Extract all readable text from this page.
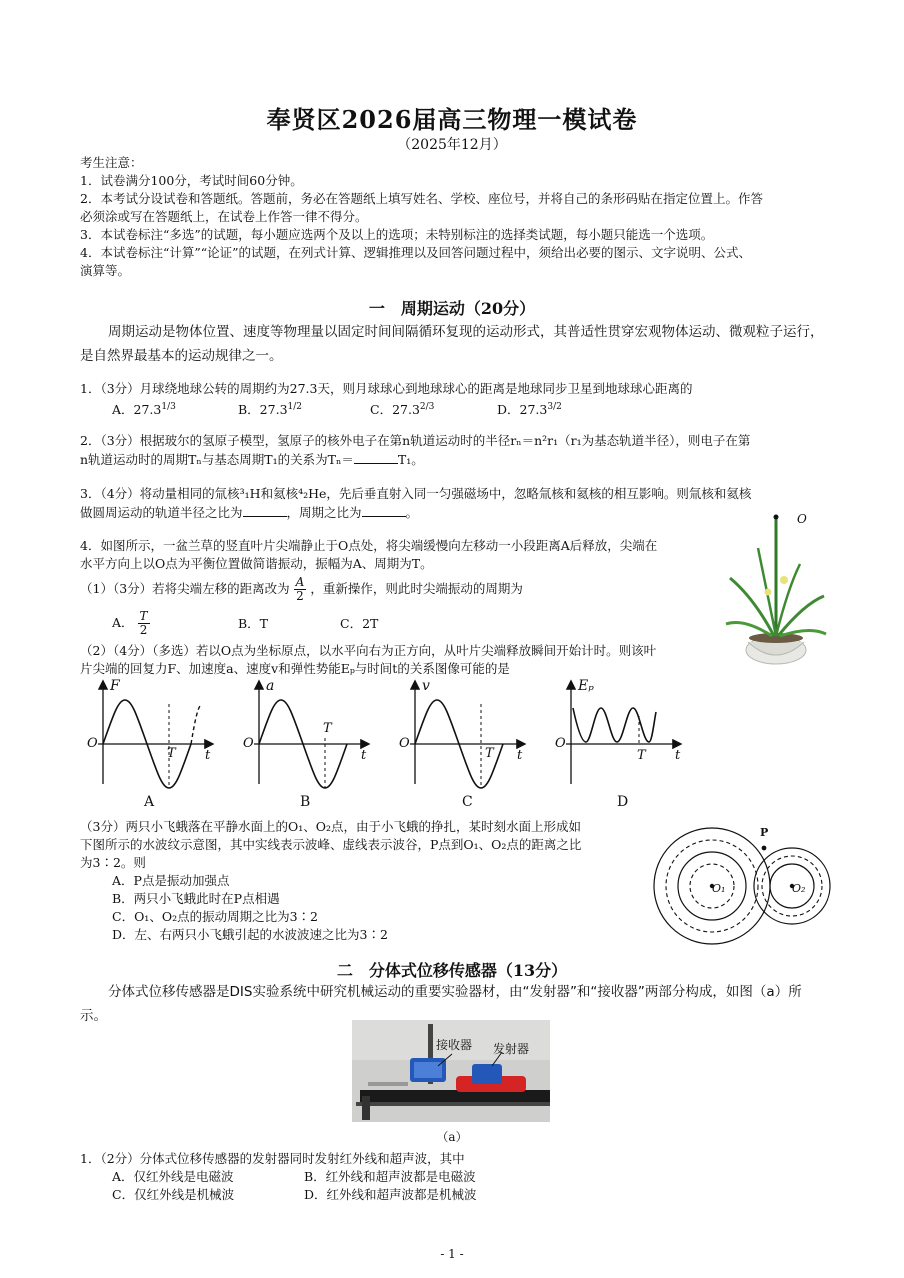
奉贤区2026届高三物理一模试卷
（2025年12月）
考生注意：
1．试卷满分100分，考试时间60分钟。
2．本考试分设试卷和答题纸。答题前，务必在答题纸上填写姓名、学校、座位号，并将自己的条形码贴在指定位置上。作答
必须涂或写在答题纸上，在试卷上作答一律不得分。
3．本试卷标注“多选”的试题，每小题应选两个及以上的选项；未特别标注的选择类试题，每小题只能选一个选项。
4．本试卷标注“计算”“论证”的试题，在列式计算、逻辑推理以及回答问题过程中，须给出必要的图示、文字说明、公式、
演算等。
一　周期运动（20分）
周期运动是物体位置、速度等物理量以固定时间间隔循环复现的运动形式，其普适性贯穿宏观物体运动、微观粒子运行，是自然界最基本的运动规律之一。
1．（3分）月球绕地球公转的周期约为27.3天，则月球球心到地球球心的距离是地球同步卫星到地球球心距离的
A．$27.3^{1/3}$	B．$27.3^{1/2}$	C．$27.3^{2/3}$	D．$27.3^{3/2}$
2．（3分）根据玻尔的氢原子模型，氢原子的核外电子在第n轨道运动时的半径rₙ＝n²r₁（r₁为基态轨道半径），则电子在第
n轨道运动时的周期Tₙ与基态周期T₁的关系为Tₙ＝	T₁。
3．（4分）将动量相同的氚核³₁H和氦核⁴₂He，先后垂直射入同一匀强磁场中，忽略氚核和氦核的相互影响。则氚核和氦核
做圆周运动的轨道半径之比为	，周期之比为	。
4．如图所示，一盆兰草的竖直叶片尖端静止于O点处，将尖端缓慢向左移动一小段距离A后释放，尖端在
水平方向上以O点为平衡位置做简谐振动，振幅为A、周期为T。
（1）（3分）若将尖端左移的距离改为 $\frac{A}{2}$ ，重新操作，则此时尖端振动的周期为
A． $\frac{T}{2}$	B．T	C．2T
（2）（4分）（多选）若以O点为坐标原点，以水平向右为正方向，从叶片尖端释放瞬间开始计时。则该叶
片尖端的回复力F、加速度a、速度v和弹性势能Eₚ与时间t的关系图像可能的是
O
F
O
T t
A
a
O
T
t
B
v
O
T t
C
Eₚ
O
T t
D
（3分）两只小飞蛾落在平静水面上的O₁、O₂点，由于小飞蛾的挣扎，某时刻水面上形成如
下图所示的水波纹示意图，其中实线表示波峰、虚线表示波谷，P点到O₁、O₂点的距离之比
为3∶2。则
A．P点是振动加强点
B．两只小飞蛾此时在P点相遇
C．O₁、O₂点的振动周期之比为3∶2
D．左、右两只小飞蛾引起的水波波速之比为3∶2
P
O₁	O₂
二　分体式位移传感器（13分）
分体式位移传感器是DIS实验系统中研究机械运动的重要实验器材，由“发射器”和“接收器”两部分构成，如图（a）所示。
接收器 发射器
（a）
1．（2分）分体式位移传感器的发射器同时发射红外线和超声波，其中
A．仅红外线是电磁波	B．红外线和超声波都是电磁波
C．仅红外线是机械波	D．红外线和超声波都是机械波
- 1 -
